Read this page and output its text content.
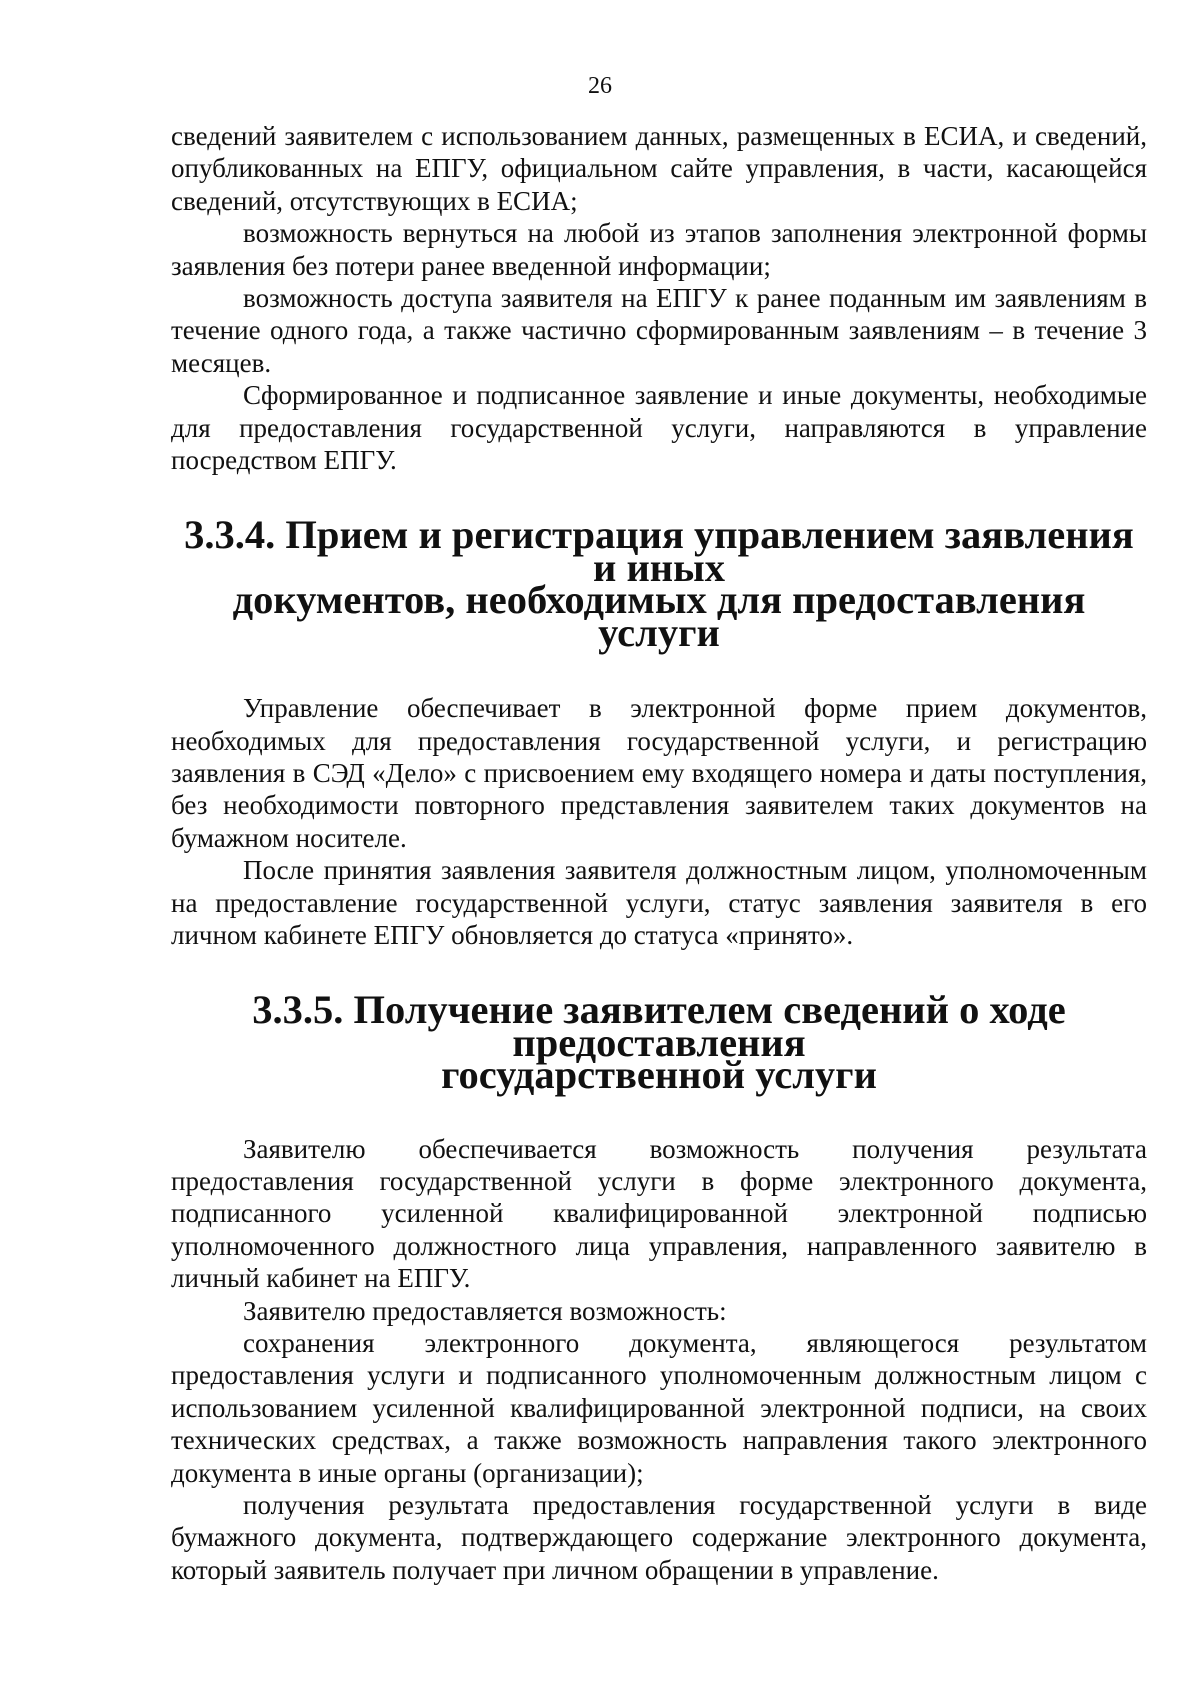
26

сведений заявителем с использованием данных, размещенных в ЕСИА, и сведений, опубликованных на ЕПГУ, официальном сайте управления, в части, касающейся сведений, отсутствующих в ЕСИА;

возможность вернуться на любой из этапов заполнения электронной формы заявления без потери ранее введенной информации;

возможность доступа заявителя на ЕПГУ к ранее поданным им заявлениям в течение одного года, а также частично сформированным заявлениям – в течение 3 месяцев.

Сформированное и подписанное заявление и иные документы, необходимые для предоставления государственной услуги, направляются в управление посредством ЕПГУ.

3.3.4. Прием и регистрация управлением заявления и иных
документов, необходимых для предоставления услуги

Управление обеспечивает в электронной форме прием документов, необходимых для предоставления государственной услуги, и регистрацию заявления в СЭД «Дело» с присвоением ему входящего номера и даты поступления, без необходимости повторного представления заявителем таких документов на бумажном носителе.

После принятия заявления заявителя должностным лицом, уполномоченным на предоставление государственной услуги, статус заявления заявителя в его личном кабинете ЕПГУ обновляется до статуса «принято».

3.3.5. Получение заявителем сведений о ходе предоставления
государственной услуги

Заявителю обеспечивается возможность получения результата предоставления государственной услуги в форме электронного документа, подписанного усиленной квалифицированной электронной подписью уполномоченного должностного лица управления, направленного заявителю в личный кабинет на ЕПГУ.

Заявителю предоставляется возможность:

сохранения электронного документа, являющегося результатом предоставления услуги и подписанного уполномоченным должностным лицом с использованием усиленной квалифицированной электронной подписи, на своих технических средствах, а также возможность направления такого электронного документа в иные органы (организации);

получения результата предоставления государственной услуги в виде бумажного документа, подтверждающего содержание электронного документа, который заявитель получает при личном обращении в управление.
